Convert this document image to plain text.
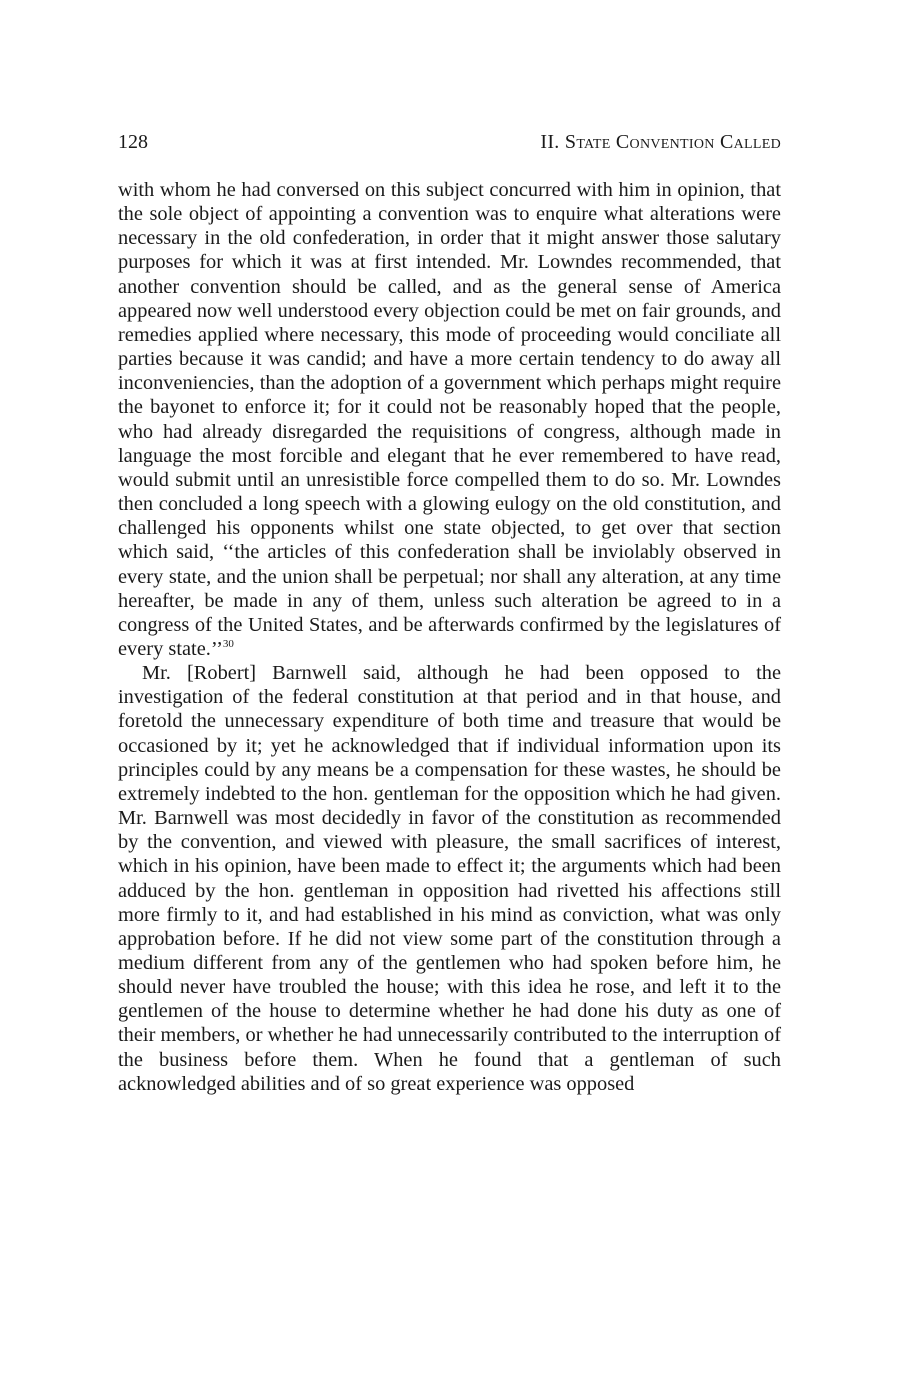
128	II. State Convention Called

with whom he had conversed on this subject concurred with him in opinion, that the sole object of appointing a convention was to enquire what alterations were necessary in the old confederation, in order that it might answer those salutary purposes for which it was at first intended. Mr. Lowndes recommended, that another convention should be called, and as the general sense of America appeared now well understood every objection could be met on fair grounds, and remedies applied where necessary, this mode of proceeding would conciliate all parties because it was candid; and have a more certain tendency to do away all inconveniencies, than the adoption of a government which perhaps might require the bayonet to enforce it; for it could not be reasonably hoped that the people, who had already disregarded the requisitions of congress, although made in language the most forcible and elegant that he ever remembered to have read, would submit until an unresistible force compelled them to do so. Mr. Lowndes then concluded a long speech with a glowing eulogy on the old constitution, and challenged his opponents whilst one state objected, to get over that section which said, ‘‘the articles of this confederation shall be inviolably observed in every state, and the union shall be perpetual; nor shall any alteration, at any time hereafter, be made in any of them, unless such alteration be agreed to in a congress of the United States, and be afterwards confirmed by the legislatures of every state.’’$^{30}$

Mr. [Robert] Barnwell said, although he had been opposed to the investigation of the federal constitution at that period and in that house, and foretold the unnecessary expenditure of both time and treasure that would be occasioned by it; yet he acknowledged that if individual information upon its principles could by any means be a compensation for these wastes, he should be extremely indebted to the hon. gentleman for the opposition which he had given. Mr. Barnwell was most decidedly in favor of the constitution as recommended by the convention, and viewed with pleasure, the small sacrifices of interest, which in his opinion, have been made to effect it; the arguments which had been adduced by the hon. gentleman in opposition had rivetted his affections still more firmly to it, and had established in his mind as conviction, what was only approbation before. If he did not view some part of the constitution through a medium different from any of the gentlemen who had spoken before him, he should never have troubled the house; with this idea he rose, and left it to the gentlemen of the house to determine whether he had done his duty as one of their members, or whether he had unnecessarily contributed to the interruption of the business before them. When he found that a gentleman of such acknowledged abilities and of so great experience was opposed
